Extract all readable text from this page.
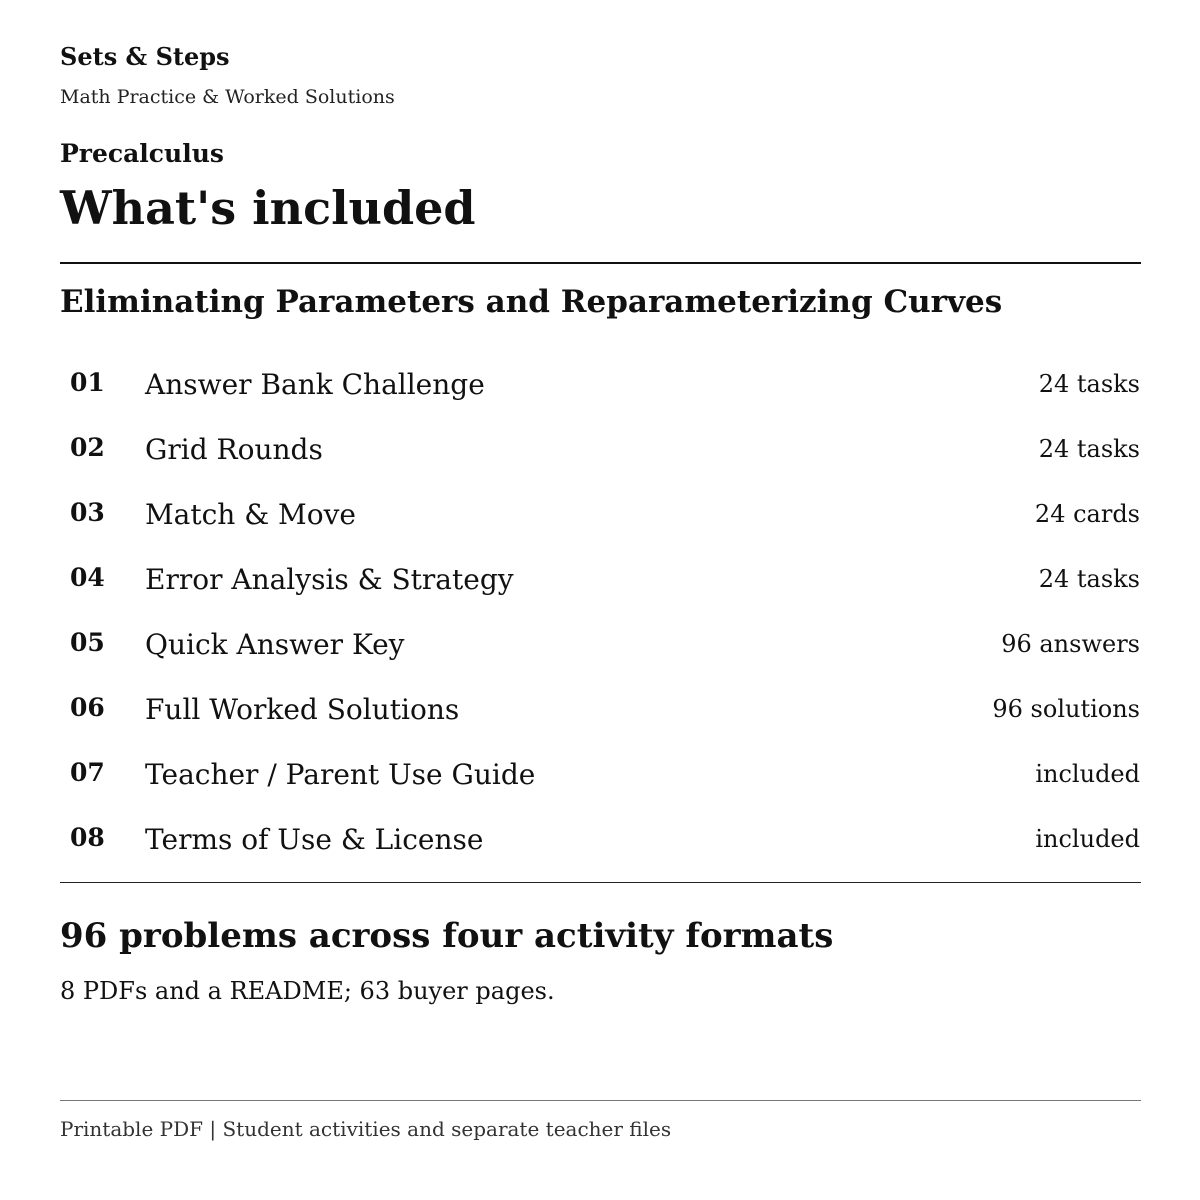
Sets & Steps
Math Practice & Worked Solutions
Precalculus
What's included
Eliminating Parameters and Reparameterizing Curves
01 Answer Bank Challenge	24 tasks
02 Grid Rounds	24 tasks
03 Match & Move	24 cards
04 Error Analysis & Strategy	24 tasks
05 Quick Answer Key	96 answers
06 Full Worked Solutions	96 solutions
07 Teacher / Parent Use Guide	included
08 Terms of Use & License	included
96 problems across four activity formats
8 PDFs and a README; 63 buyer pages.
Printable PDF | Student activities and separate teacher files
